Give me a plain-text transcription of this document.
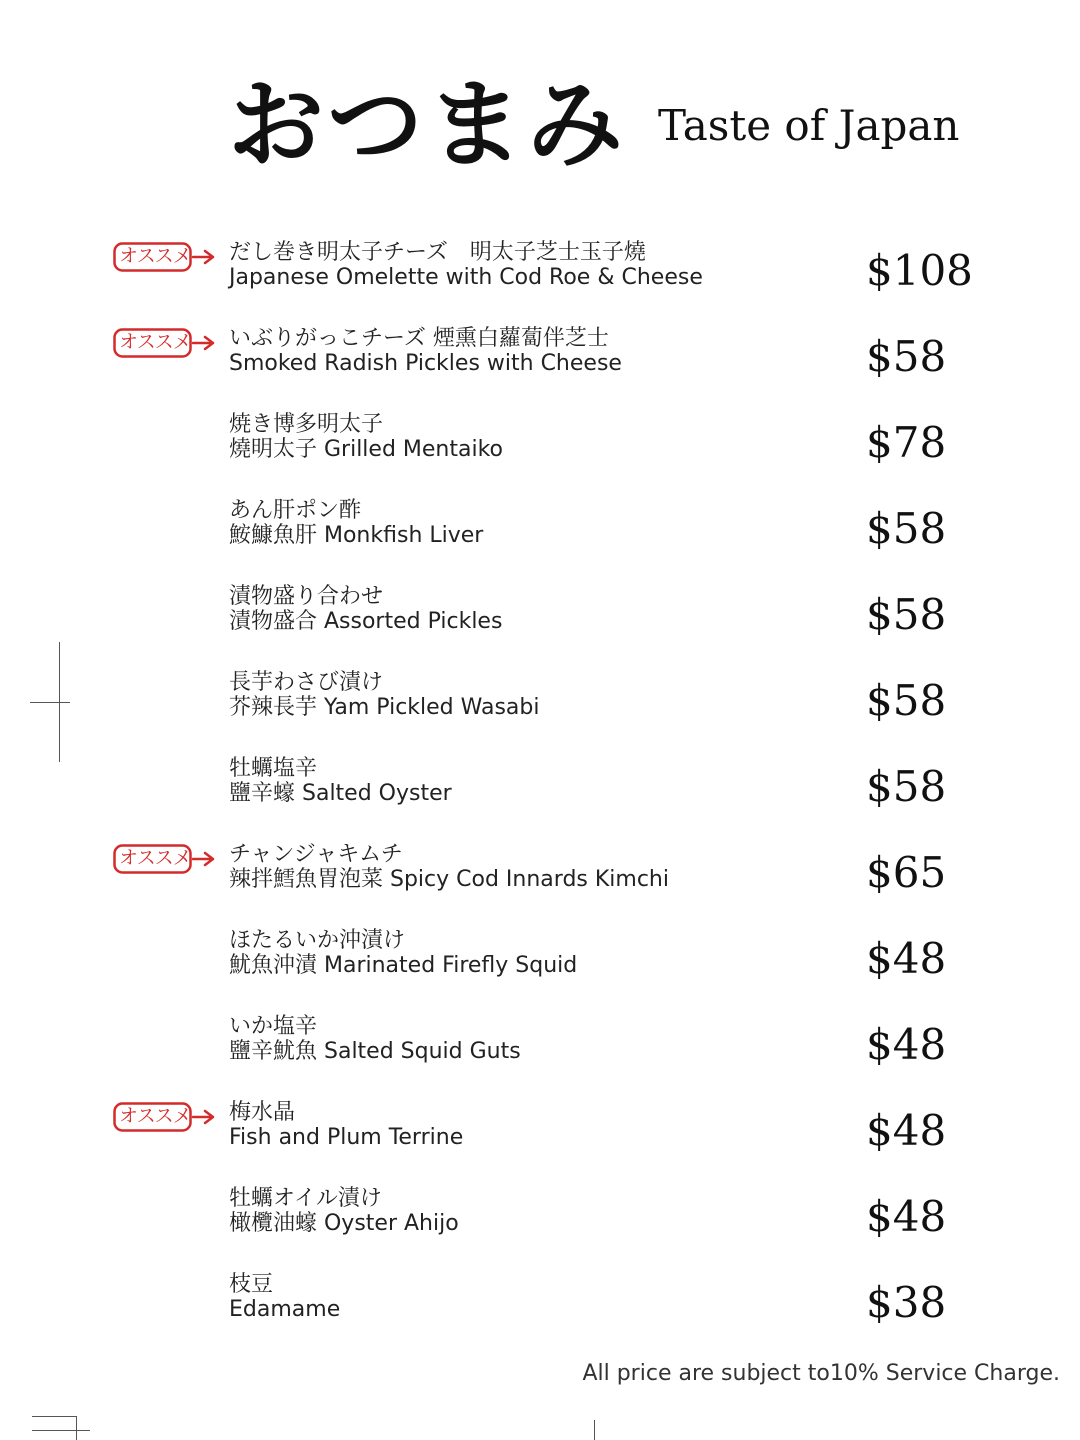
おつまみ Taste of Japan
オススメ だし巻き明太子チーズ　明太子芝士玉子燒
Japanese Omelette with Cod Roe & Cheese	$108
オススメ いぶりがっこチーズ 煙熏白蘿蔔伴芝士
Smoked Radish Pickles with Cheese	$58
焼き博多明太子
燒明太子 Grilled Mentaiko	$78
あん肝ポン酢
鮟鱇魚肝 Monkfish Liver	$58
漬物盛り合わせ
漬物盛合 Assorted Pickles	$58
長芋わさび漬け
芥辣長芋 Yam Pickled Wasabi	$58
牡蠣塩辛
鹽辛蠔 Salted Oyster	$58
オススメ チャンジャキムチ
辣拌鱈魚胃泡菜 Spicy Cod Innards Kimchi	$65
ほたるいか沖漬け
魷魚沖漬 Marinated Firefly Squid	$48
いか塩辛
鹽辛魷魚 Salted Squid Guts	$48
オススメ 梅水晶
Fish and Plum Terrine	$48
牡蠣オイル漬け
橄欖油蠔 Oyster Ahijo	$48
枝豆
Edamame	$38
All price are subject to10% Service Charge.
